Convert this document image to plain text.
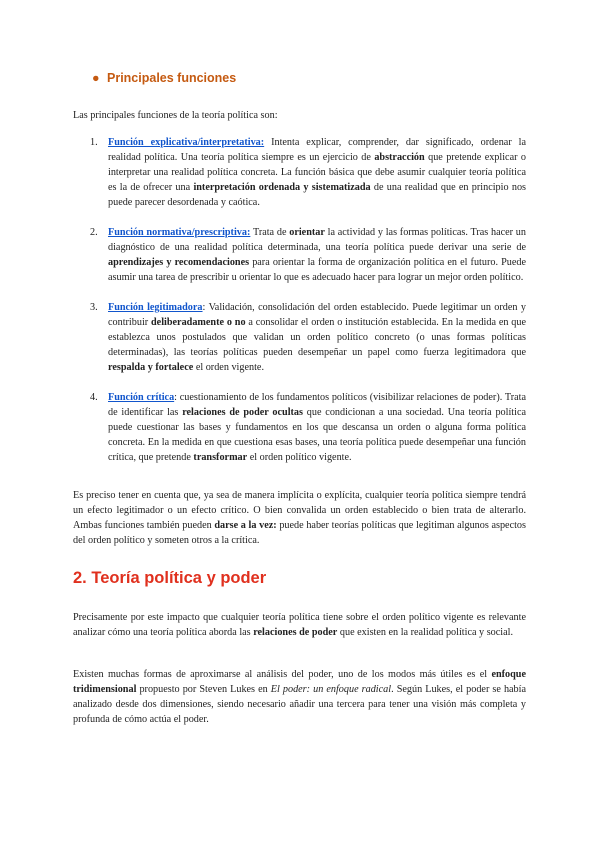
● Principales funciones
Las principales funciones de la teoría política son:
1. Función explicativa/interpretativa: Intenta explicar, comprender, dar significado, ordenar la realidad política. Una teoría política siempre es un ejercicio de abstracción que pretende explicar o interpretar una realidad política concreta. La función básica que debe asumir cualquier teoría política es la de ofrecer una interpretación ordenada y sistematizada de una realidad que en principio nos puede parecer desordenada y caótica.
2. Función normativa/prescriptiva: Trata de orientar la actividad y las formas políticas. Tras hacer un diagnóstico de una realidad política determinada, una teoría política puede derivar una serie de aprendizajes y recomendaciones para orientar la forma de organización política en el futuro. Puede asumir una tarea de prescribir u orientar lo que es adecuado hacer para lograr un mejor orden político.
3. Función legitimadora: Validación, consolidación del orden establecido. Puede legitimar un orden y contribuir deliberadamente o no a consolidar el orden o institución establecida. En la medida en que establezca unos postulados que validan un orden político concreto (o unas formas políticas determinadas), las teorías políticas pueden desempeñar un papel como fuerza legitimadora que respalda y fortalece el orden vigente.
4. Función crítica: cuestionamiento de los fundamentos políticos (visibilizar relaciones de poder). Trata de identificar las relaciones de poder ocultas que condicionan a una sociedad. Una teoría política puede cuestionar las bases y fundamentos en los que descansa un orden o alguna forma política concreta. En la medida en que cuestiona esas bases, una teoría política puede desempeñar una función crítica, que pretende transformar el orden político vigente.
Es preciso tener en cuenta que, ya sea de manera implícita o explícita, cualquier teoría política siempre tendrá un efecto legitimador o un efecto crítico. O bien convalida un orden establecido o bien trata de alterarlo. Ambas funciones también pueden darse a la vez: puede haber teorías políticas que legitiman algunos aspectos del orden político y someten otros a la crítica.
2. Teoría política y poder
Precisamente por este impacto que cualquier teoría política tiene sobre el orden político vigente es relevante analizar cómo una teoría política aborda las relaciones de poder que existen en la realidad política y social.
Existen muchas formas de aproximarse al análisis del poder, uno de los modos más útiles es el enfoque tridimensional propuesto por Steven Lukes en El poder: un enfoque radical. Según Lukes, el poder se había analizado desde dos dimensiones, siendo necesario añadir una tercera para tener una visión más completa y profunda de cómo actúa el poder.
